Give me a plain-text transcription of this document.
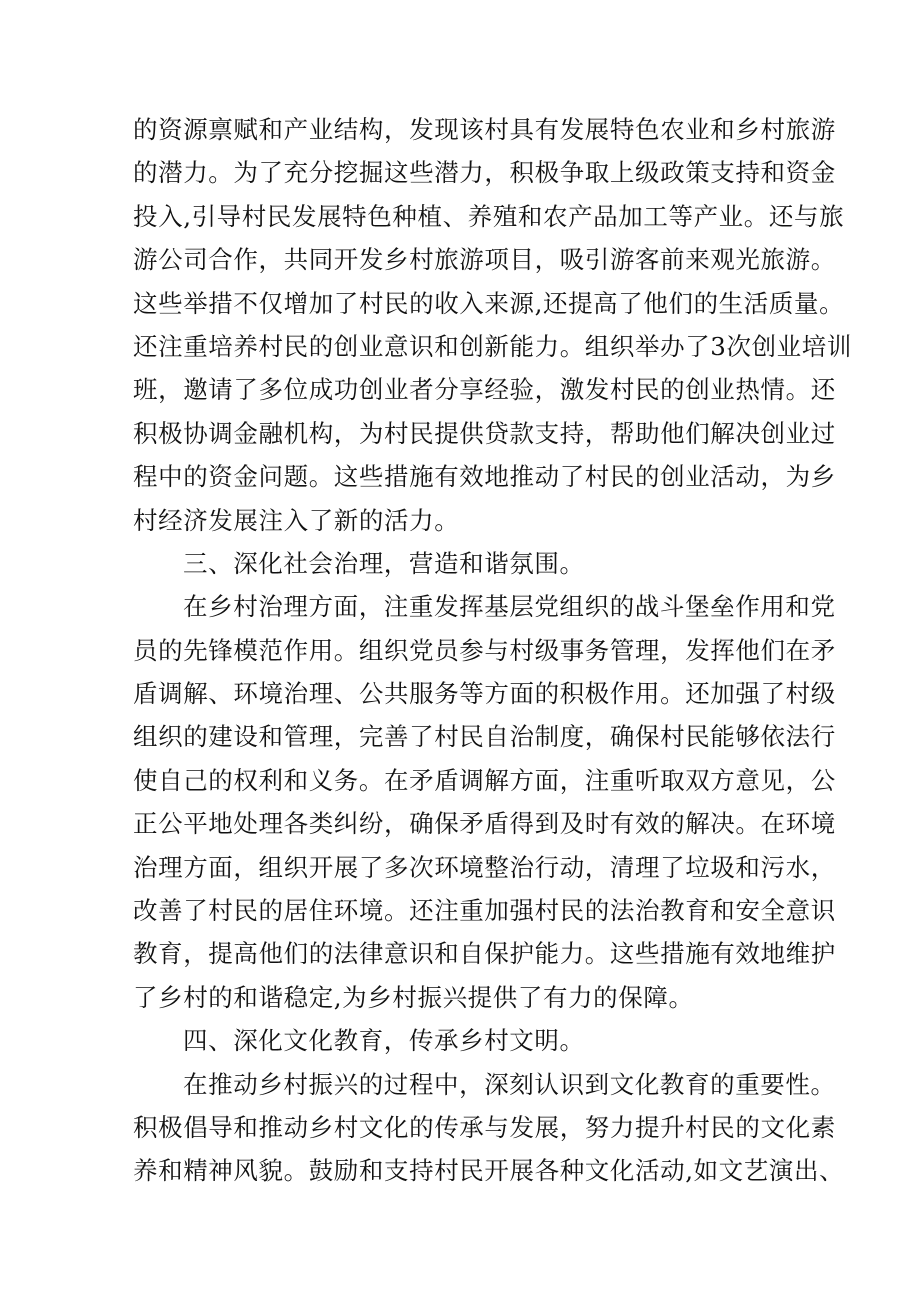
的资源禀赋和产业结构，发现该村具有发展特色农业和乡村旅游
的潜力。为了充分挖掘这些潜力，积极争取上级政策支持和资金
投入,引导村民发展特色种植、养殖和农产品加工等产业。还与旅
游公司合作，共同开发乡村旅游项目，吸引游客前来观光旅游。
这些举措不仅增加了村民的收入来源,还提高了他们的生活质量。
还注重培养村民的创业意识和创新能力。组织举办了3次创业培训
班，邀请了多位成功创业者分享经验，激发村民的创业热情。还
积极协调金融机构，为村民提供贷款支持，帮助他们解决创业过
程中的资金问题。这些措施有效地推动了村民的创业活动，为乡
村经济发展注入了新的活力。
三、深化社会治理，营造和谐氛围。
在乡村治理方面，注重发挥基层党组织的战斗堡垒作用和党
员的先锋模范作用。组织党员参与村级事务管理，发挥他们在矛
盾调解、环境治理、公共服务等方面的积极作用。还加强了村级
组织的建设和管理，完善了村民自治制度，确保村民能够依法行
使自己的权利和义务。在矛盾调解方面，注重听取双方意见，公
正公平地处理各类纠纷，确保矛盾得到及时有效的解决。在环境
治理方面，组织开展了多次环境整治行动，清理了垃圾和污水，
改善了村民的居住环境。还注重加强村民的法治教育和安全意识
教育，提高他们的法律意识和自保护能力。这些措施有效地维护
了乡村的和谐稳定,为乡村振兴提供了有力的保障。
四、深化文化教育，传承乡村文明。
在推动乡村振兴的过程中，深刻认识到文化教育的重要性。
积极倡导和推动乡村文化的传承与发展，努力提升村民的文化素
养和精神风貌。鼓励和支持村民开展各种文化活动,如文艺演出、
